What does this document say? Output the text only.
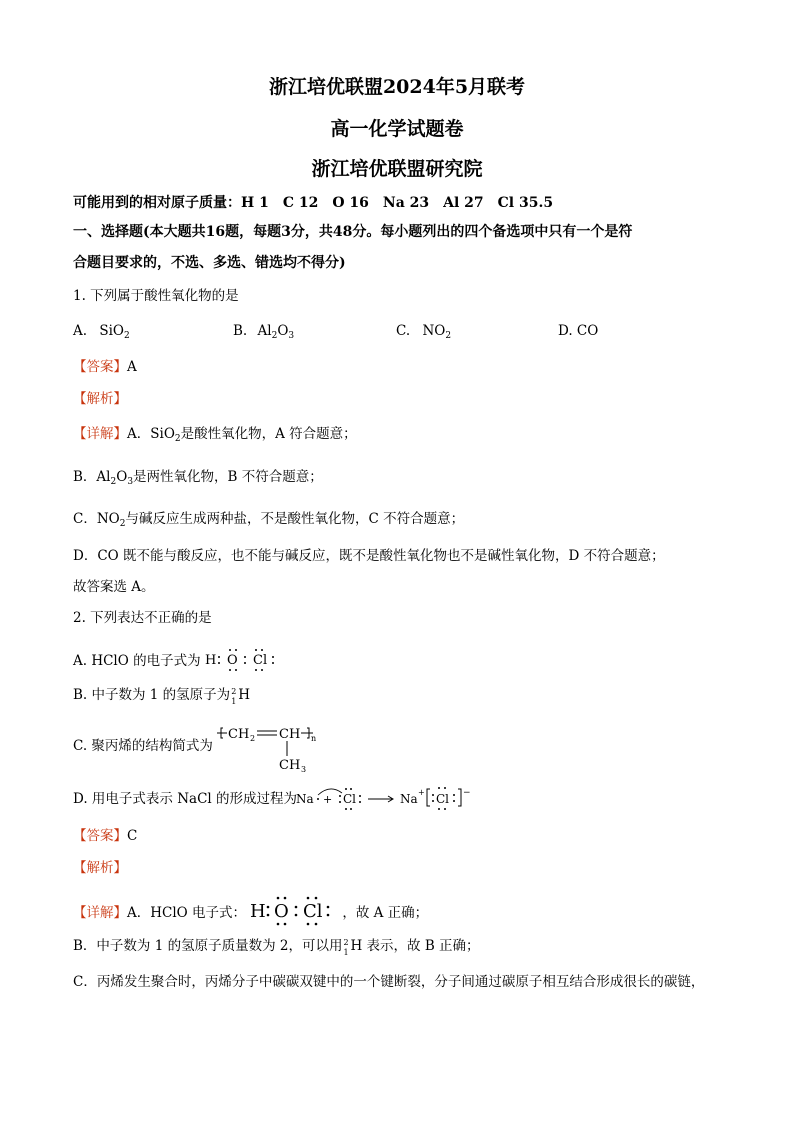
浙江培优联盟2024年5月联考
高一化学试题卷
浙江培优联盟研究院
可能用到的相对原子质量：H 1　C 12　O 16　Na 23　Al 27　Cl 35.5
一、选择题(本大题共16题，每题3分，共48分。每小题列出的四个备选项中只有一个是符
合题目要求的，不选、多选、错选均不得分)
1. 下列属于酸性氧化物的是
A. SiO$_2$	B. $Al_2O_3$	C. $NO_2$	D. CO
【答案】A
【解析】
【详解】A．SiO$_2$是酸性氧化物，A 符合题意；
B．$Al_2O_3$是两性氧化物，B 不符合题意；
C．$NO_2$与碱反应生成两种盐，不是酸性氧化物，C 不符合题意；
D．CO 既不能与酸反应，也不能与碱反应，既不是酸性氧化物也不是碱性氧化物，D 不符合题意；
故答案选 A。
2. 下列表达不正确的是
A. HClO 的电子式为 H O Cl
B. 中子数为 1 的氢原子为 2
1 H
C. 聚丙烯的结构简式为
CH 2 CH n
CH 3
D. 用电子式表示 NaCl 的形成过程为
Na + Cl	Na + Cl −
【答案】C
【解析】
【详解】A．HClO 电子式： H O Cl ，故 A 正确；
B．中子数为 1 的氢原子质量数为 2，可以用 2
1 H 表示，故 B 正确；
C．丙烯发生聚合时，丙烯分子中碳碳双键中的一个键断裂，分子间通过碳原子相互结合形成很长的碳链，
